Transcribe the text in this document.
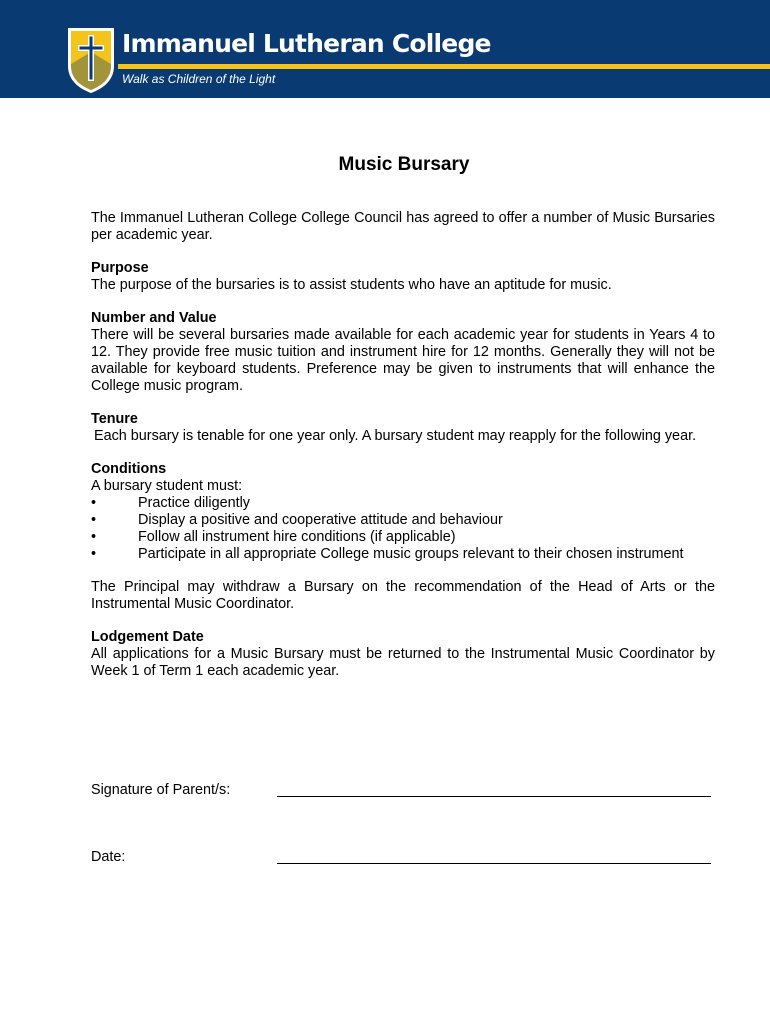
Immanuel Lutheran College
Walk as Children of the Light
Music Bursary

The Immanuel Lutheran College College Council has agreed to offer a number of Music Bursaries per academic year.

Purpose

The purpose of the bursaries is to assist students who have an aptitude for music.

Number and Value

There will be several bursaries made available for each academic year for students in Years 4 to 12. They provide free music tuition and instrument hire for 12 months. Generally they will not be available for keyboard students. Preference may be given to instruments that will enhance the College music program.

Tenure

Each bursary is tenable for one year only. A bursary student may reapply for the following year.

Conditions

A bursary student must:

•	Practice diligently
•	Display a positive and cooperative attitude and behaviour
•	Follow all instrument hire conditions (if applicable)
•	Participate in all appropriate College music groups relevant to their chosen instrument

The Principal may withdraw a Bursary on the recommendation of the Head of Arts or the Instrumental Music Coordinator.

Lodgement Date

All applications for a Music Bursary must be returned to the Instrumental Music Coordinator by Week 1 of Term 1 each academic year.

Signature of Parent/s:
Date:
